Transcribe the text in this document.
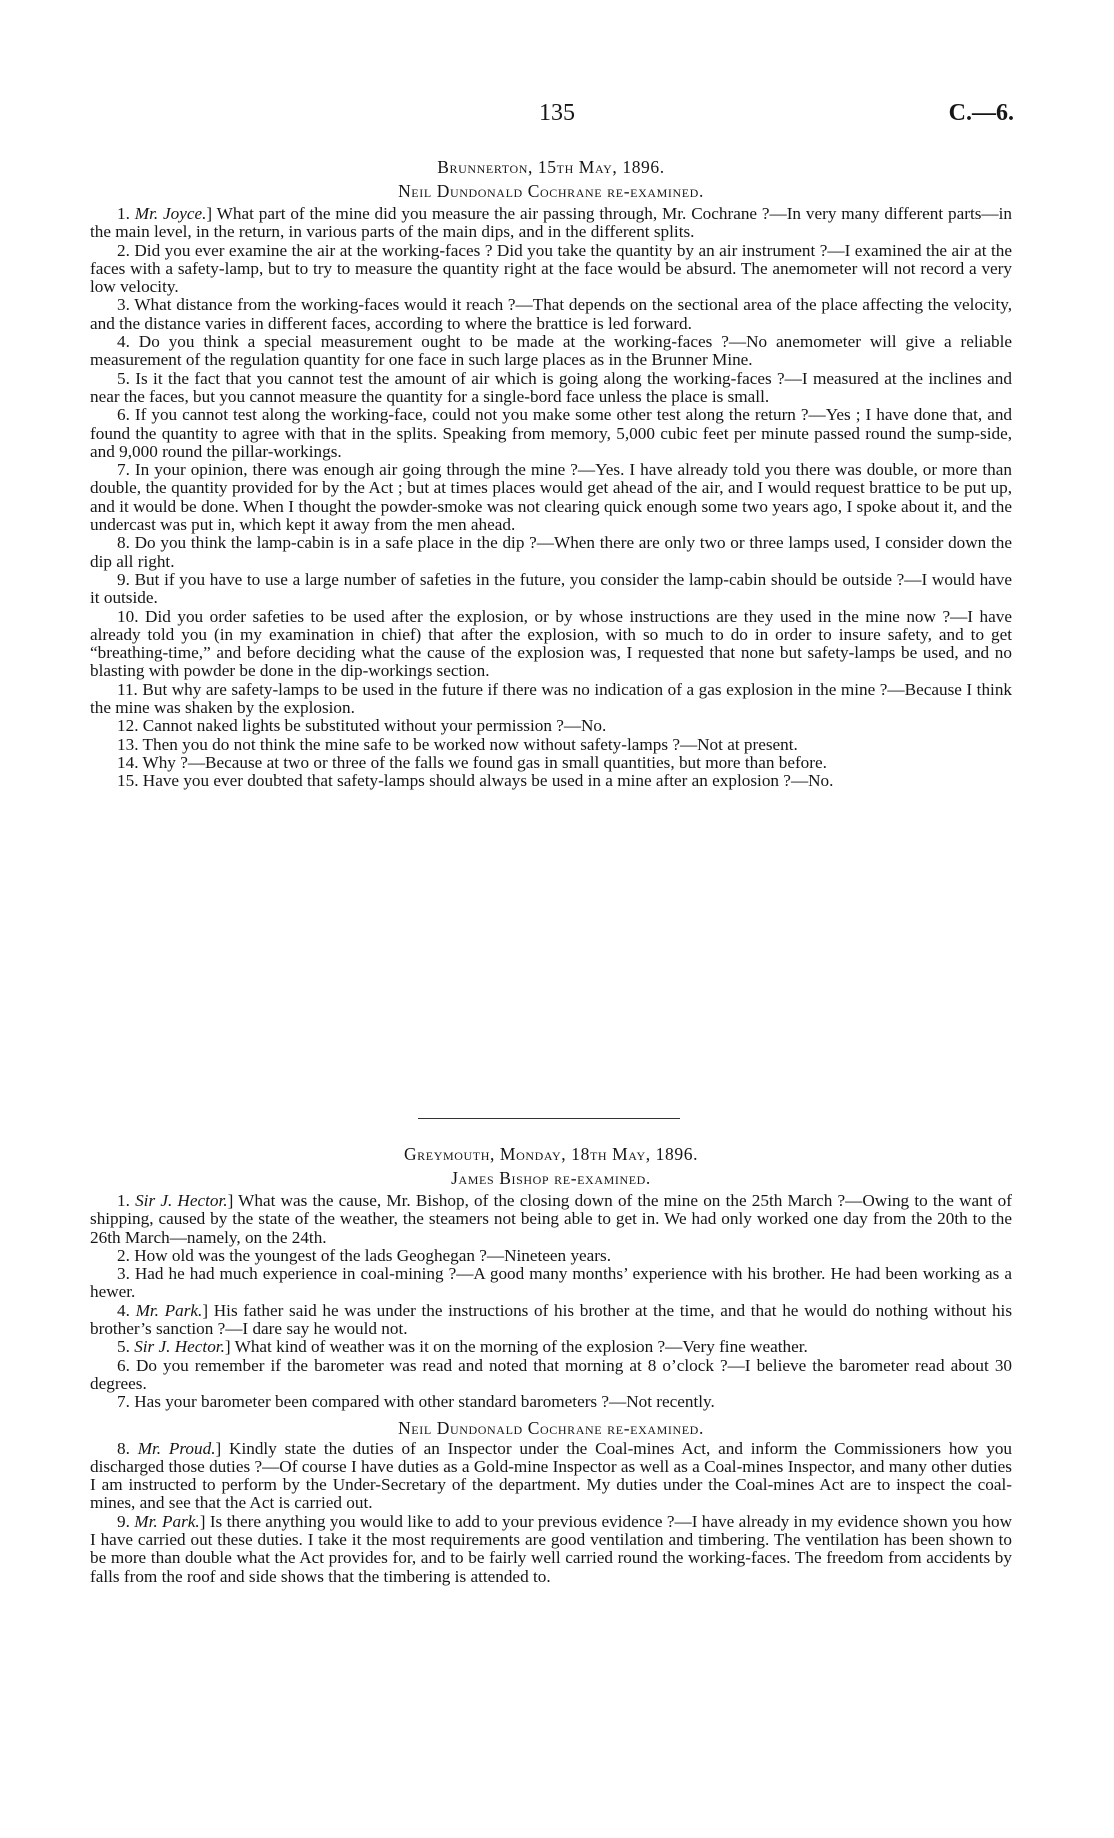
135	C.—6.
Brunnerton, 15th May, 1896.
Neil Dundonald Cochrane re-examined.

1. Mr. Joyce.] What part of the mine did you measure the air passing through, Mr. Cochrane ?—In very many different parts—in the main level, in the return, in various parts of the main dips, and in the different splits.

2. Did you ever examine the air at the working-faces ? Did you take the quantity by an air instrument ?—I examined the air at the faces with a safety-lamp, but to try to measure the quantity right at the face would be absurd. The anemometer will not record a very low velocity.

3. What distance from the working-faces would it reach ?—That depends on the sectional area of the place affecting the velocity, and the distance varies in different faces, according to where the brattice is led forward.

4. Do you think a special measurement ought to be made at the working-faces ?—No anemometer will give a reliable measurement of the regulation quantity for one face in such large places as in the Brunner Mine.

5. Is it the fact that you cannot test the amount of air which is going along the working-faces ?—I measured at the inclines and near the faces, but you cannot measure the quantity for a single-bord face unless the place is small.

6. If you cannot test along the working-face, could not you make some other test along the return ?—Yes ; I have done that, and found the quantity to agree with that in the splits. Speaking from memory, 5,000 cubic feet per minute passed round the sump-side, and 9,000 round the pillar-workings.

7. In your opinion, there was enough air going through the mine ?—Yes. I have already told you there was double, or more than double, the quantity provided for by the Act ; but at times places would get ahead of the air, and I would request brattice to be put up, and it would be done. When I thought the powder-smoke was not clearing quick enough some two years ago, I spoke about it, and the undercast was put in, which kept it away from the men ahead.

8. Do you think the lamp-cabin is in a safe place in the dip ?—When there are only two or three lamps used, I consider down the dip all right.

9. But if you have to use a large number of safeties in the future, you consider the lamp-cabin should be outside ?—I would have it outside.

10. Did you order safeties to be used after the explosion, or by whose instructions are they used in the mine now ?—I have already told you (in my examination in chief) that after the explosion, with so much to do in order to insure safety, and to get “breathing-time,” and before deciding what the cause of the explosion was, I requested that none but safety-lamps be used, and no blasting with powder be done in the dip-workings section.

11. But why are safety-lamps to be used in the future if there was no indication of a gas explosion in the mine ?—Because I think the mine was shaken by the explosion.

12. Cannot naked lights be substituted without your permission ?—No.

13. Then you do not think the mine safe to be worked now without safety-lamps ?—Not at present.

14. Why ?—Because at two or three of the falls we found gas in small quantities, but more than before.

15. Have you ever doubted that safety-lamps should always be used in a mine after an explosion ?—No.

Greymouth, Monday, 18th May, 1896.
James Bishop re-examined.

1. Sir J. Hector.] What was the cause, Mr. Bishop, of the closing down of the mine on the 25th March ?—Owing to the want of shipping, caused by the state of the weather, the steamers not being able to get in. We had only worked one day from the 20th to the 26th March—namely, on the 24th.

2. How old was the youngest of the lads Geoghegan ?—Nineteen years.

3. Had he had much experience in coal-mining ?—A good many months’ experience with his brother. He had been working as a hewer.

4. Mr. Park.] His father said he was under the instructions of his brother at the time, and that he would do nothing without his brother’s sanction ?—I dare say he would not.

5. Sir J. Hector.] What kind of weather was it on the morning of the explosion ?—Very fine weather.

6. Do you remember if the barometer was read and noted that morning at 8 o’clock ?—I believe the barometer read about 30 degrees.

7. Has your barometer been compared with other standard barometers ?—Not recently.

Neil Dundonald Cochrane re-examined.

8. Mr. Proud.] Kindly state the duties of an Inspector under the Coal-mines Act, and inform the Commissioners how you discharged those duties ?—Of course I have duties as a Gold-mine Inspector as well as a Coal-mines Inspector, and many other duties I am instructed to perform by the Under-Secretary of the department. My duties under the Coal-mines Act are to inspect the coal-mines, and see that the Act is carried out.

9. Mr. Park.] Is there anything you would like to add to your previous evidence ?—I have already in my evidence shown you how I have carried out these duties. I take it the most requirements are good ventilation and timbering. The ventilation has been shown to be more than double what the Act provides for, and to be fairly well carried round the working-faces. The freedom from accidents by falls from the roof and side shows that the timbering is attended to.
